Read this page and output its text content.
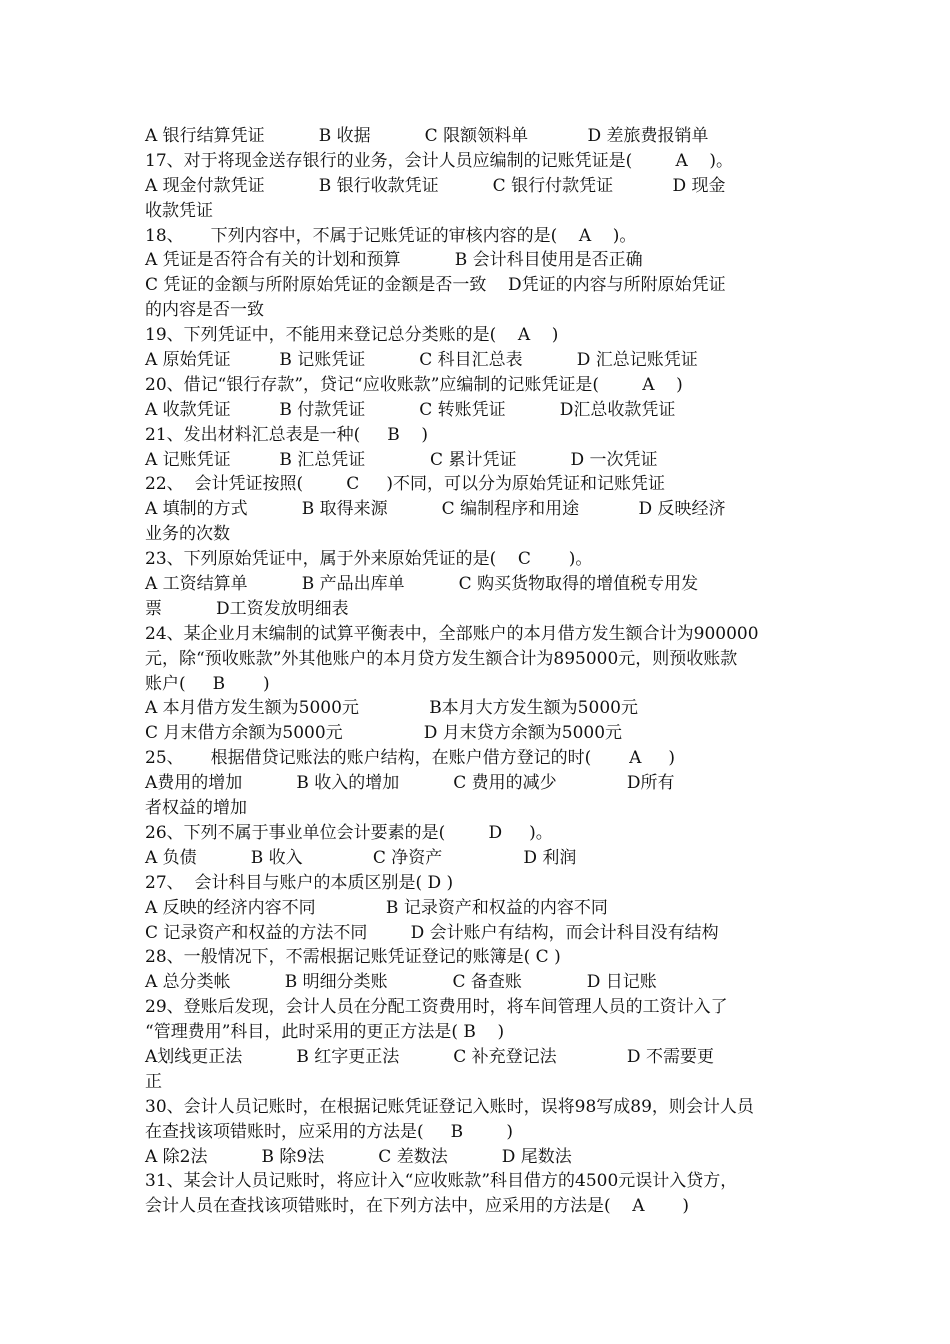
A 银行结算凭证          B 收据          C 限额领料单           D 差旅费报销单
17、对于将现金送存银行的业务，会计人员应编制的记账凭证是(        A    )。
A 现金付款凭证          B 银行收款凭证          C 银行付款凭证           D 现金
收款凭证
18、     下列内容中，不属于记账凭证的审核内容的是(    A    )。
A 凭证是否符合有关的计划和预算          B 会计科目使用是否正确
C 凭证的金额与所附原始凭证的金额是否一致    D凭证的内容与所附原始凭证
的内容是否一致
19、下列凭证中，不能用来登记总分类账的是(    A    )
A 原始凭证         B 记账凭证          C 科目汇总表          D 汇总记账凭证
20、借记“银行存款”，贷记“应收账款”应编制的记账凭证是(        A    )
A 收款凭证         B 付款凭证          C 转账凭证          D汇总收款凭证
21、发出材料汇总表是一种(     B    )
A 记账凭证         B 汇总凭证            C 累计凭证          D 一次凭证
22、  会计凭证按照(        C     )不同，可以分为原始凭证和记账凭证
A 填制的方式          B 取得来源          C 编制程序和用途           D 反映经济
业务的次数
23、下列原始凭证中，属于外来原始凭证的是(    C       )。
A 工资结算单          B 产品出库单          C 购买货物取得的增值税专用发
票          D工资发放明细表
24、某企业月末编制的试算平衡表中，全部账户的本月借方发生额合计为900000
元，除“预收账款”外其他账户的本月贷方发生额合计为895000元，则预收账款
账户(     B       )
A 本月借方发生额为5000元             B本月大方发生额为5000元
C 月末借方余额为5000元               D 月末贷方余额为5000元
25、     根据借贷记账法的账户结构，在账户借方登记的时(       A     )
A费用的增加          B 收入的增加          C 费用的减少             D所有
者权益的增加
26、下列不属于事业单位会计要素的是(        D     )。
A 负债          B 收入             C 净资产               D 利润
27、  会计科目与账户的本质区别是( D )
A 反映的经济内容不同             B 记录资产和权益的内容不同
C 记录资产和权益的方法不同        D 会计账户有结构，而会计科目没有结构
28、一般情况下，不需根据记账凭证登记的账簿是( C )
A 总分类帐          B 明细分类账            C 备查账            D 日记账
29、登账后发现，会计人员在分配工资费用时，将车间管理人员的工资计入了
“管理费用”科目，此时采用的更正方法是( B    )
A划线更正法          B 红字更正法          C 补充登记法             D 不需要更
正
30、会计人员记账时，在根据记账凭证登记入账时，误将98写成89，则会计人员
在查找该项错账时，应采用的方法是(     B        )
A 除2法          B 除9法          C 差数法          D 尾数法
31、某会计人员记账时，将应计入“应收账款”科目借方的4500元误计入贷方，
会计人员在查找该项错账时，在下列方法中，应采用的方法是(    A       )
